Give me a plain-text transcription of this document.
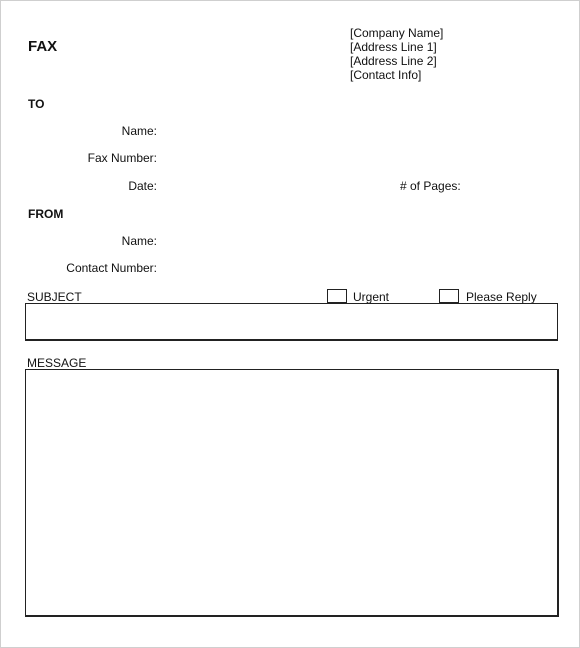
FAX
[Company Name]
[Address Line 1]
[Address Line 2]
[Contact Info]
TO
Name:
Fax Number:
Date:	# of Pages:
FROM
Name:
Contact Number:
SUBJECT	Urgent	Please Reply
MESSAGE
